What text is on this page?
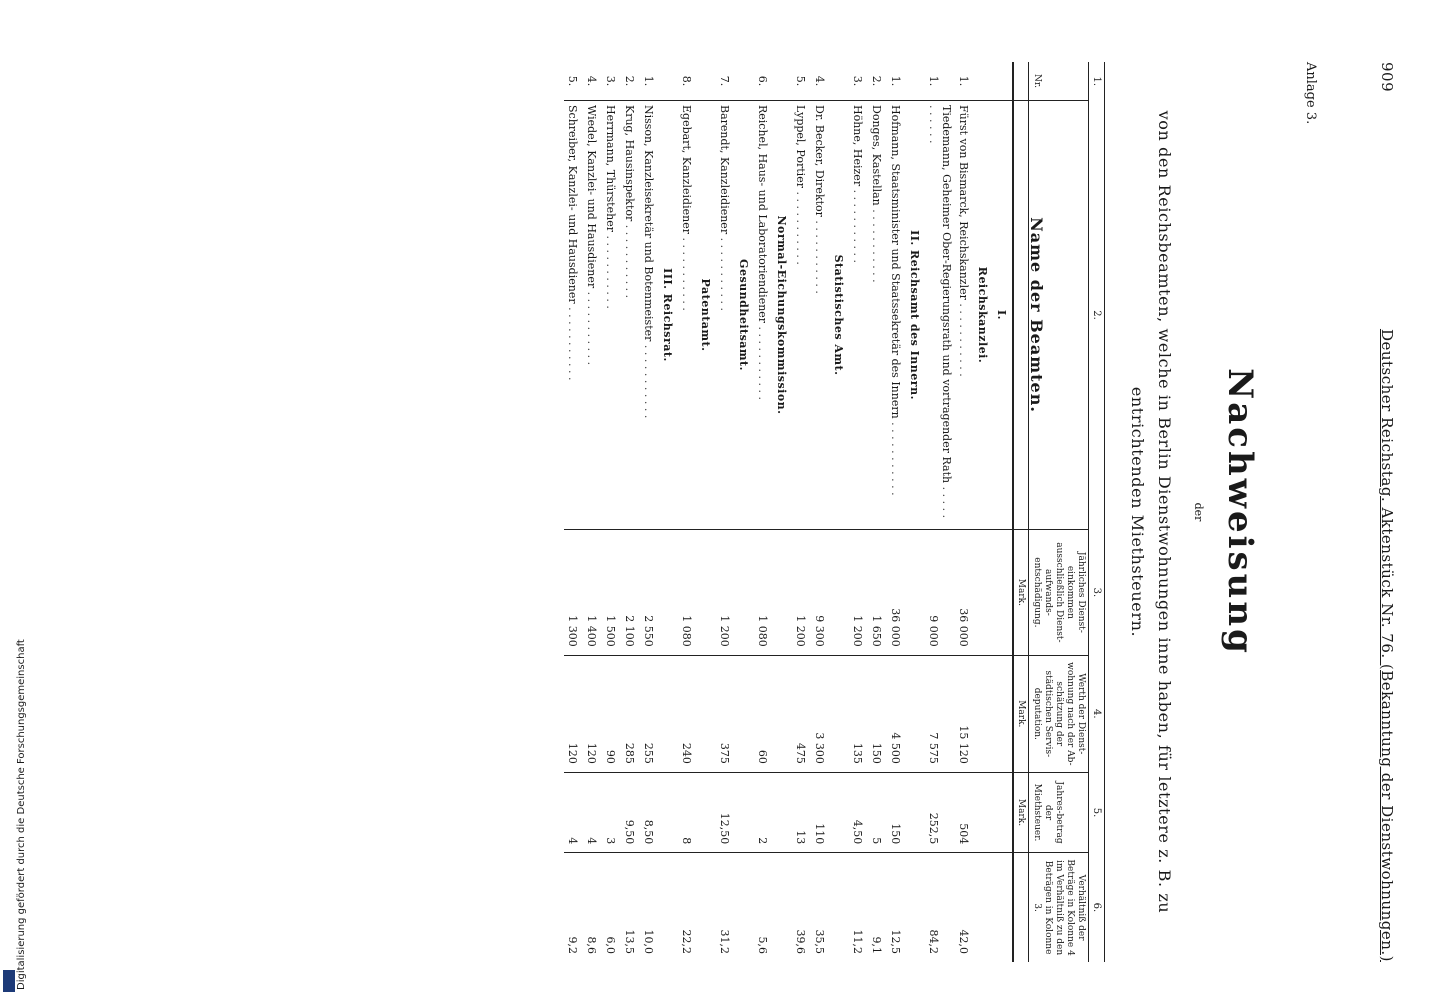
909
Deutscher Reichstag. Aktenstück Nr. 76. (Bekanntung der Dienstwohnungen.)
Anlage 3.
Nachweisung
der
von den Reichsbeamten, welche in Berlin Dienstwohnungen inne haben, für letztere z. B. zu entrichtenden Miethsteuern.
1.	2.	3.	4.	5.	6.
Nr.	Name der Beamten.	Jährliches Dienst-einkommen ausschließlich Dienst-aufwands-entschädigung.	Werth der Dienst-wohnung nach der Ab-schätzung der städtischen Servis-deputation.	Jahres-betrag der Miethsteuer.	Verhältniß der Beträge in Kolonne 4 im Verhältniß zu den Beträgen in Kolonne 3.
		Mark.	Mark.	Mark.	
	I.				
	Reichskanzlei.				
1.	Fürst von Bismarck, Reichskanzler . . .	36 000	15 120	504	42,0
1.	Tiedemann, Geheimer Ober-Regierungsrath und vortragender Rath . . .	9 000	7 575	252,5	84,2
	II. Reichsamt des Innern.				
1.	Hofmann, Staatsminister und Staatssekretär des Innern . . .	36 000	4 500	150	12,5
2.	Donges, Kastellan . . .	1 650	150	5	9,1
3.	Höhne, Heizer . . .	1 200	135	4,50	11,2
	Statistisches Amt.				
4.	Dr. Becker, Direktor . . .	9 300	3 300	110	35,5
5.	Lyppel, Portier . . .	1 200	475	13	39,6
	Normal-Eichungskommission.				
6.	Reichel, Haus- und Laboratoriendiener . . .	1 080	60	2	5,6
	Gesundheitsamt.				
7.	Barendt, Kanzleidiener . . .	1 200	375	12,50	31,2
	Patentamt.				
8.	Egebart, Kanzleidiener . . .	1 080	240	8	22,2
	III. Reichsrat.				
1.	Nisson, Kanzleisekretär und Botenmeister . . .	2 550	255	8,50	10,0
2.	Krug, Hausinspektor . . .	2 100	285	9,50	13,5
3.	Herrmann, Thürsteher . . .	1 500	90	3	6,0
4.	Wiedel, Kanzlei- und Hausdiener . . .	1 400	120	4	8,6
5.	Schreiber, Kanzlei- und Hausdiener . . .	1 300	120	4	9,2
Digitalisierung gefördert durch die Deutsche Forschungsgemeinschaft
